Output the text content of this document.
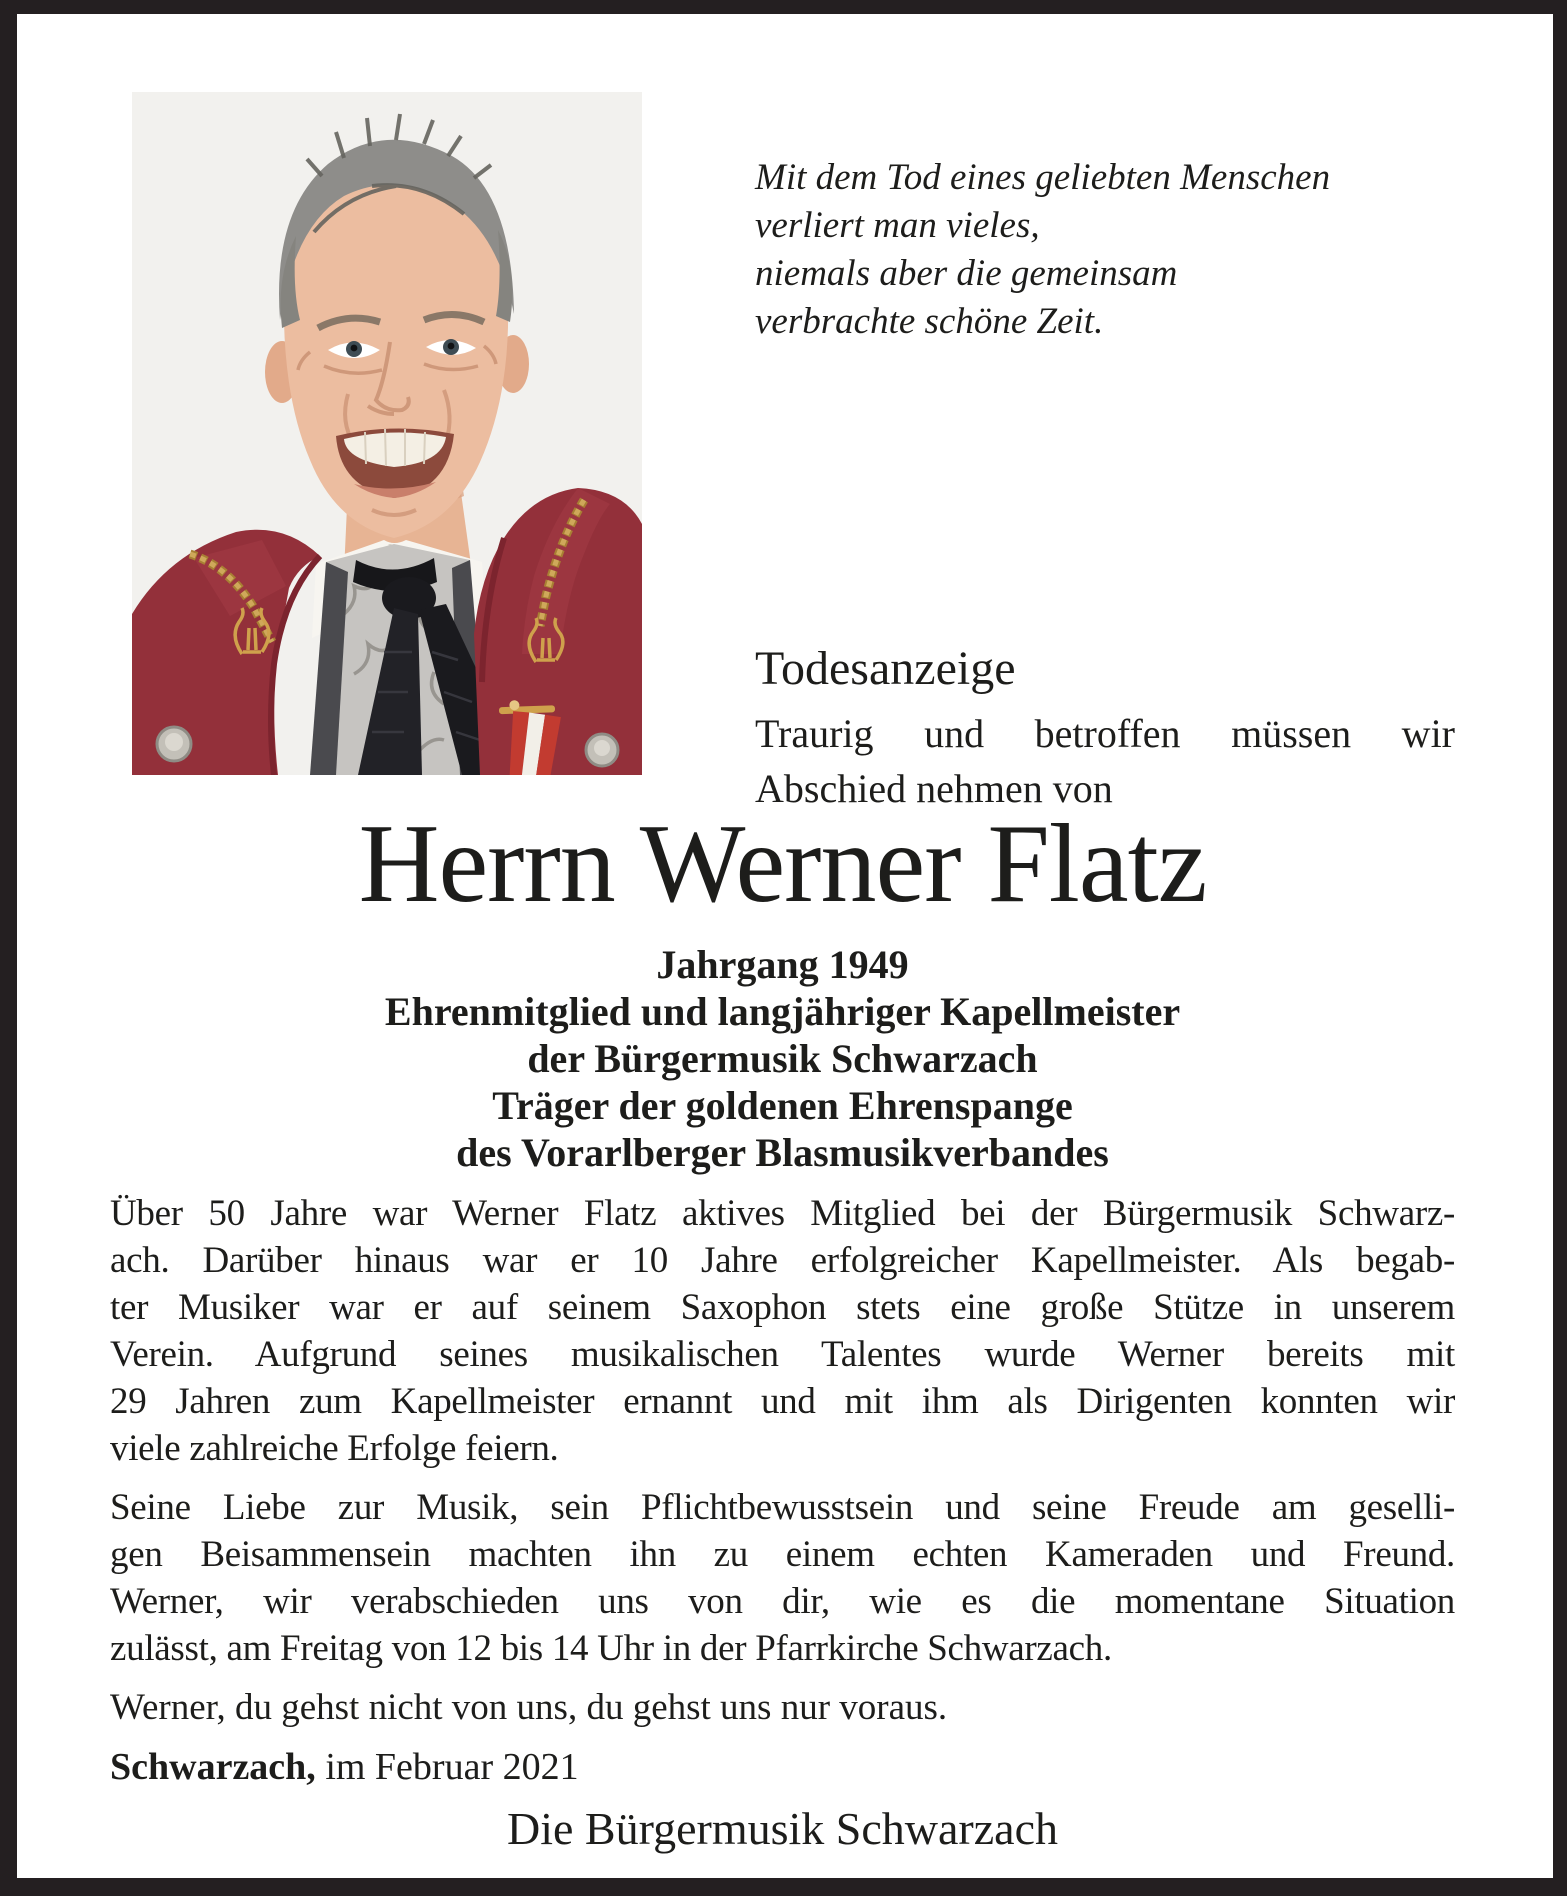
Mit dem Tod eines geliebten Menschen
verliert man vieles,
niemals aber die gemeinsam
verbrachte schöne Zeit.
Todesanzeige
Traurig und betroffen müssen wir
Abschied nehmen von
Herrn Werner Flatz
Jahrgang 1949
Ehrenmitglied und langjähriger Kapellmeister
der Bürgermusik Schwarzach
Träger der goldenen Ehrenspange
des Vorarlberger Blasmusikverbandes
Über 50 Jahre war Werner Flatz aktives Mitglied bei der Bürgermusik Schwarz-
ach. Darüber hinaus war er 10 Jahre erfolgreicher Kapellmeister. Als begab-
ter Musiker war er auf seinem Saxophon stets eine große Stütze in unserem
Verein. Aufgrund seines musikalischen Talentes wurde Werner bereits mit
29 Jahren zum Kapellmeister ernannt und mit ihm als Dirigenten konnten wir
viele zahlreiche Erfolge feiern.
Seine Liebe zur Musik, sein Pflichtbewusstsein und seine Freude am geselli-
gen Beisammensein machten ihn zu einem echten Kameraden und Freund.
Werner, wir verabschieden uns von dir, wie es die momentane Situation
zulässt, am Freitag von 12 bis 14 Uhr in der Pfarrkirche Schwarzach.
Werner, du gehst nicht von uns, du gehst uns nur voraus.
Schwarzach, im Februar 2021
Die Bürgermusik Schwarzach
